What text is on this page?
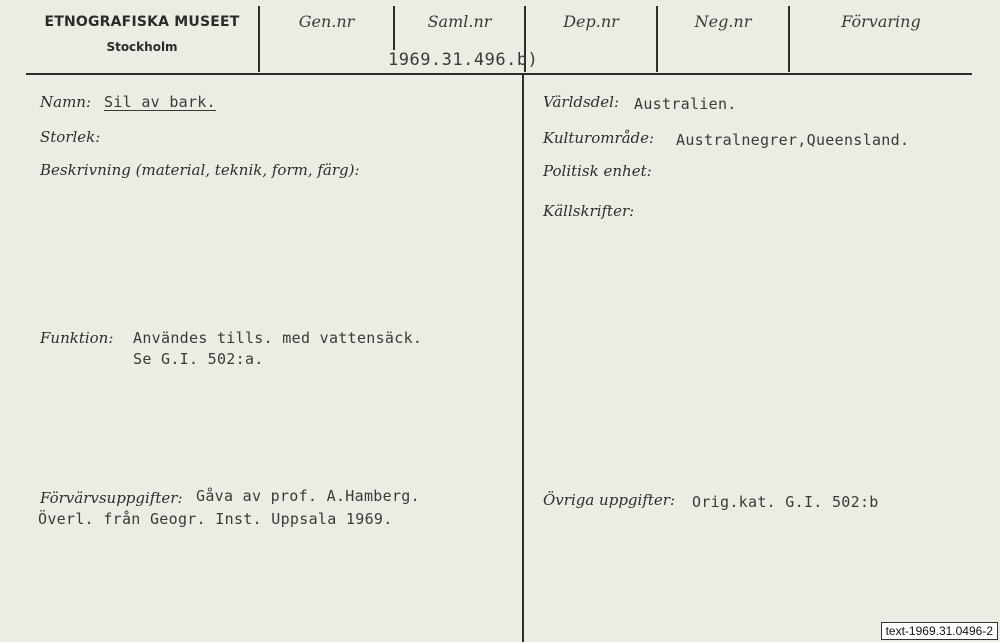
ETNOGRAFISKA MUSEET
Stockholm
Gen.nr	Saml.nr	Dep.nr	Neg.nr	Förvaring
1969.31.496.b)
Namn: Sil av bark.
Storlek:
Beskrivning (material, teknik, form, färg):
Funktion: Användes tills. med vattensäck.
Se G.I. 502:a.
Förvärvsuppgifter: Gåva av prof. A.Hamberg.
Överl. från Geogr. Inst. Uppsala 1969.
Världsdel: Australien.
Kulturområde: Australnegrer,Queensland.
Politisk enhet:
Källskrifter:
Övriga uppgifter: Orig.kat. G.I. 502:b
text-1969.31.0496-2
